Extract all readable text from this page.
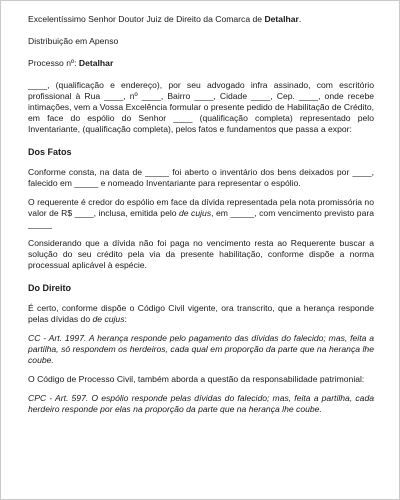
Excelentíssimo Senhor Doutor Juiz de Direito da Comarca de Detalhar.

Distribuição em Apenso

Processo nº: Detalhar

____, (qualificação e endereço), por seu advogado infra assinado, com escritório profissional à Rua ____, nº ____, Bairro ____, Cidade ____, Cep. ____, onde recebe intimações, vem a Vossa Excelência formular o presente pedido de Habilitação de Crédito, em face do espólio do Senhor ____ (qualificação completa) representado pelo Inventariante, (qualificação completa), pelos fatos e fundamentos que passa a expor:

Dos Fatos

Conforme consta, na data de _____ foi aberto o inventário dos bens deixados por ____, falecido em _____ e nomeado Inventariante para representar o espólio.

O requerente é credor do espólio em face da dívida representada pela nota promissória no valor de R$ ____, inclusa, emitida pelo de cujus, em _____, com vencimento previsto para _____

Considerando que a dívida não foi paga no vencimento resta ao Requerente buscar a solução do seu crédito pela via da presente habilitação, conforme dispõe a norma processual aplicável à espécie.

Do Direito

É certo, conforme dispõe o Código Civil vigente, ora transcrito, que a herança responde pelas dívidas do de cujus:

CC - Art. 1997. A herança responde pelo pagamento das dívidas do falecido; mas, feita a partilha, só respondem os herdeiros, cada qual em proporção da parte que na herança lhe coube.

O Código de Processo Civil, também aborda a questão da responsabilidade patrimonial:

CPC - Art. 597. O espólio responde pelas dívidas do falecido; mas, feita a partilha, cada herdeiro responde por elas na proporção da parte que na herança lhe coube.
